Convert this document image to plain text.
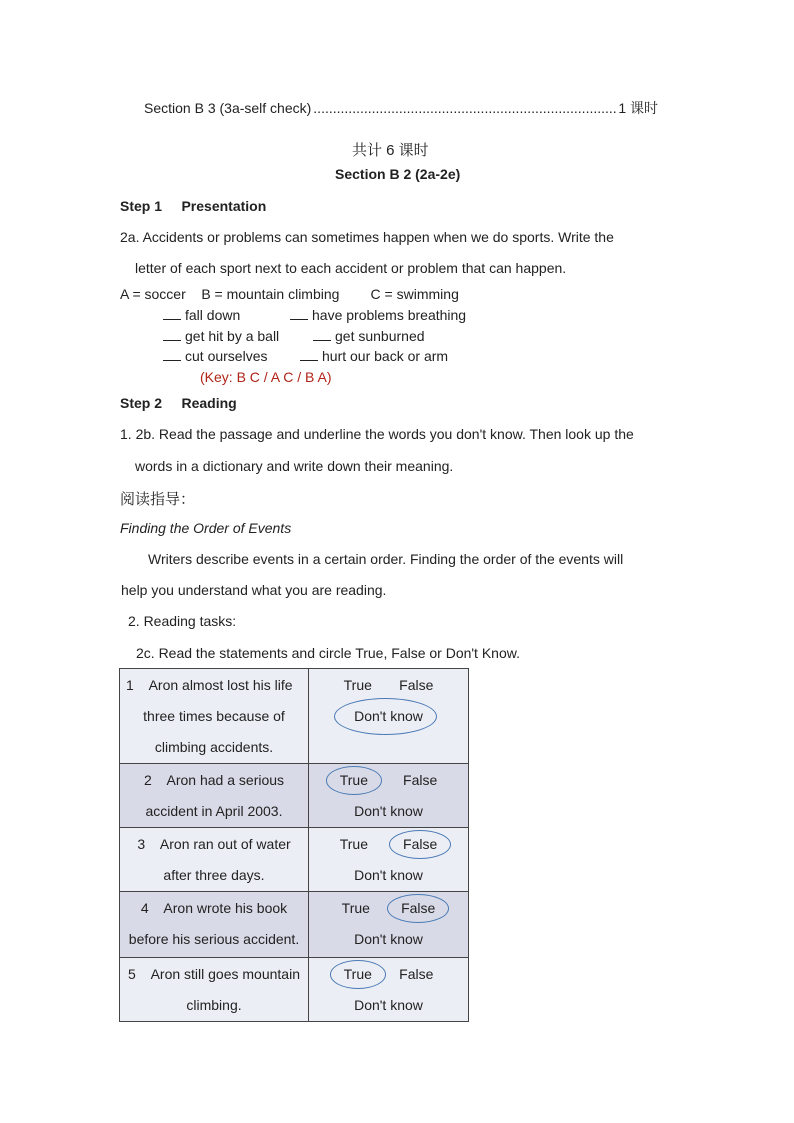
Section B 3 (3a-self check)
.....	1 课时
共计 6 课时
Section B 2 (2a-2e)
Step 1 Presentation
2a. Accidents or problems can sometimes happen when we do sports. Write the
letter of each sport next to each accident or problem that can happen.
A = soccer    B = mountain climbing        C = swimming
fall down	have problems breathing
get hit by a ball	get sunburned
cut ourselves	hurt our back or arm
(Key: B C / A C / B A)
Step 2 Reading
1. 2b. Read the passage and underline the words you don't know. Then look up the
words in a dictionary and write down their meaning.
阅读指导：
Finding the Order of Events
Writers describe events in a certain order. Finding the order of the events will
help you understand what you are reading.
2. Reading tasks:
2c. Read the statements and circle True, False or Don't Know.
1    Aron almost lost his life
three times because of
climbing accidents.

True False
Don't know

2    Aron had a serious
accident in April 2003.

True	False
Don't know

3    Aron ran out of water
after three days.

True	False
Don't know

4    Aron wrote his book
before his serious accident.

True False
Don't know

5    Aron still goes mountain
climbing.

True False
Don't know
